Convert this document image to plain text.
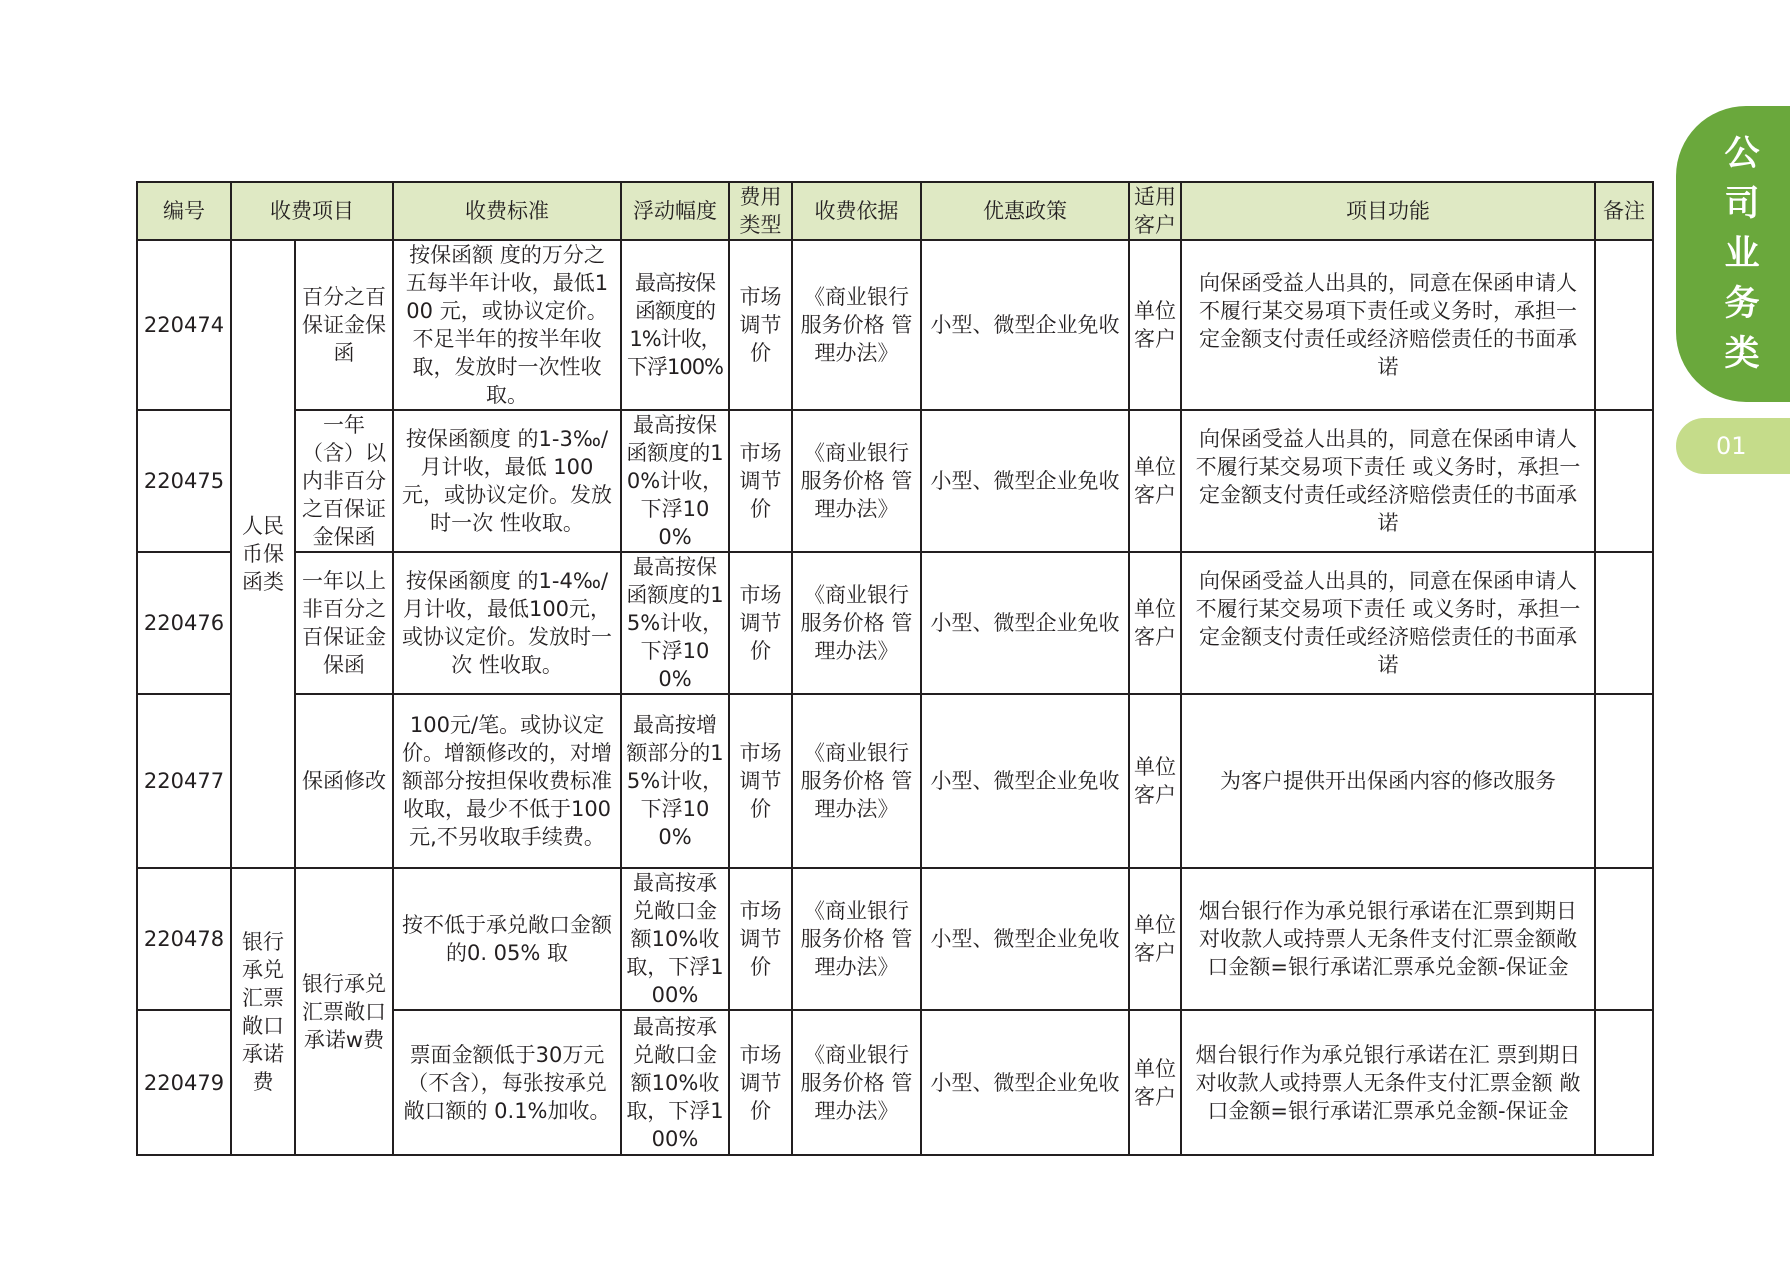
公
司
业
务
类
01
编号	收费项目		收费标准	浮动幅度	费用类型	收费依据	优惠政策	适用客户	项目功能	备注
220474	人民币保函类	百分之百保证金保函	按保函额 度的万分之五每半年计收，最低100 元，或协议定价。不足半年的按半年收取，发放时一次性收取。	最高按保函额度的1%计收，下浮100%	市场调节价	《商业银行服务价格 管理办法》	小型、微型企业免收	单位客户	向保函受益人出具的，同意在保函申请人不履行某交易項下责任或义务时，承担一定金额支付责任或经济赔偿责任的书面承诺	
220475		一年（含）以内非百分之百保证金保函	按保函额度 的1-3‰/月计收，最低 100元，或协议定价。发放时一次 性收取。	最高按保函额度的10%计收，下浮100%	市场调节价	《商业银行服务价格 管理办法》	小型、微型企业免收	单位客户	向保函受益人出具的，同意在保函申请人不履行某交易项下责任 或义务时，承担一定金额支付责任或经济赔偿责任的书面承诺	
220476		一年以上非百分之百保证金保函	按保函额度 的1-4‰/月计收，最低100元，或协议定价。发放时一次 性收取。	最高按保函额度的15%计收，下浮100%	市场调节价	《商业银行服务价格 管理办法》	小型、微型企业免收	单位客户	向保函受益人出具的，同意在保函申请人不履行某交易项下责任 或义务时，承担一定金额支付责任或经济赔偿责任的书面承诺	
220477		保函修改	100元/笔。或协议定价。增额修改的，对增额部分按担保收费标准收取，最少不低于100元,不另收取手续费。	最高按增额部分的15%计收，下浮100%	市场调节价	《商业银行服务价格 管理办法》	小型、微型企业免收	单位客户	为客户提供开出保函内容的修改服务	
220478	银行承兑汇票敞口承诺费	银行承兑汇票敞口承诺w费	按不低于承兑敞口金额的0. 05% 取	最高按承兑敞口金额10%收取，下浮100%	市场调节价	《商业银行服务价格 管理办法》	小型、微型企业免收	单位客户	烟台银行作为承兑银行承诺在汇票到期日对收款人或持票人无条件支付汇票金额敞口金额=银行承诺汇票承兑金额-保证金	
220479			票面金额低于30万元（不含），每张按承兑敞口额的 0.1%加收。	最高按承兑敞口金额10%收取，下浮100%	市场调节价	《商业银行服务价格 管理办法》	小型、微型企业免收	单位客户	烟台银行作为承兑银行承诺在汇 票到期日对收款人或持票人无条件支付汇票金额 敞口金额=银行承诺汇票承兑金额-保证金	
